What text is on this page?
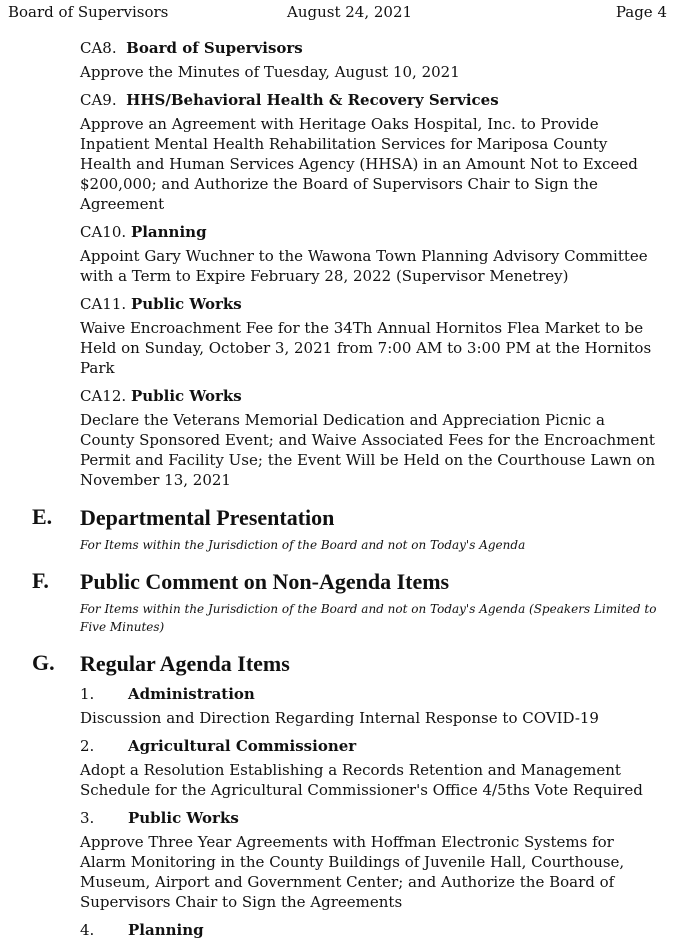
Board of Supervisors	August 24, 2021	Page 4
CA8. Board of Supervisors
Approve the Minutes of Tuesday, August 10, 2021
CA9. HHS/Behavioral Health & Recovery Services
Approve an Agreement with Heritage Oaks Hospital, Inc. to Provide Inpatient Mental Health Rehabilitation Services for Mariposa County Health and Human Services Agency (HHSA) in an Amount Not to Exceed $200,000; and Authorize the Board of Supervisors Chair to Sign the Agreement
CA10. Planning
Appoint Gary Wuchner to the Wawona Town Planning Advisory Committee with a Term to Expire February 28, 2022 (Supervisor Menetrey)
CA11. Public Works
Waive Encroachment Fee for the 34Th Annual Hornitos Flea Market to be Held on Sunday, October 3, 2021 from 7:00 AM to 3:00 PM at the Hornitos Park
CA12. Public Works
Declare the Veterans Memorial Dedication and Appreciation Picnic a County Sponsored Event; and Waive Associated Fees for the Encroachment Permit and Facility Use; the Event Will be Held on the Courthouse Lawn on November 13, 2021
E. Departmental Presentation
For Items within the Jurisdiction of the Board and not on Today's Agenda
F. Public Comment on Non-Agenda Items
For Items within the Jurisdiction of the Board and not on Today's Agenda (Speakers Limited to Five Minutes)
G. Regular Agenda Items
1. Administration
Discussion and Direction Regarding Internal Response to COVID-19
2. Agricultural Commissioner
Adopt a Resolution Establishing a Records Retention and Management Schedule for the Agricultural Commissioner's Office 4/5ths Vote Required
3. Public Works
Approve Three Year Agreements with Hoffman Electronic Systems for Alarm Monitoring in the County Buildings of Juvenile Hall, Courthouse, Museum, Airport and Government Center; and Authorize the Board of Supervisors Chair to Sign the Agreements
4. Planning
